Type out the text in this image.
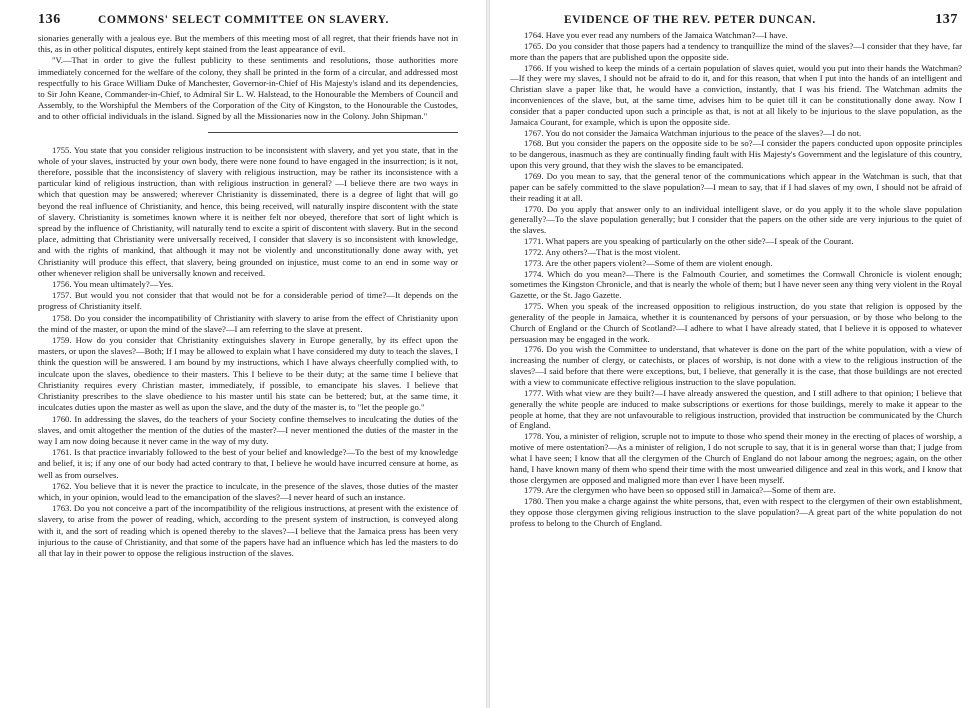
136	COMMONS' SELECT COMMITTEE ON SLAVERY.

sionaries generally with a jealous eye. But the members of this meeting most of all regret, that their friends have not in this, as in other political disputes, entirely kept stained from the least appearance of evil.

"V.—That in order to give the fullest publicity to these sentiments and resolutions, those authorities more immediately concerned for the welfare of the colony, they shall be printed in the form of a circular, and addressed most respectfully to his Grace William Duke of Manchester, Governor-in-Chief of His Majesty's island and its dependencies, to Sir John Keane, Commander-in-Chief, to Admiral Sir L. W. Halstead, to the Honourable the Members of Council and Assembly, to the Worshipful the Members of the Corporation of the City of Kingston, to the Honourable the Custodes, and to other official individuals in the island. Signed by all the Missionaries now in the Colony. John Shipman."

1755. You state that you consider religious instruction to be inconsistent with slavery, and yet you state, that in the whole of your slaves, instructed by your own body, there were none found to have engaged in the insurrection; is it not, therefore, possible that the inconsistency of slavery with religious instruction, may be rather its inconsistence with a particular kind of religious instruction, than with religious instruction in general? —I believe there are two ways in which that question may be answered; wherever Christianity is disseminated, there is a degree of light that will go beyond the real influence of Christianity, and hence, this being received, will naturally inspire discontent with the state of slavery. Christianity is sometimes known where it is neither felt nor obeyed, therefore that sort of light which is spread by the influence of Christianity, will naturally tend to excite a spirit of discontent with slavery. But in the second place, admitting that Christianity were universally received, I consider that slavery is so inconsistent with knowledge, and with the rights of mankind, that although it may not be violently and unconstitutionally done away with, yet Christianity will produce this effect, that slavery, being grounded on injustice, must come to an end in some way or other whenever religion shall be universally known and received.

1756. You mean ultimately?—Yes.

1757. But would you not consider that that would not be for a considerable period of time?—It depends on the progress of Christianity itself.

1758. Do you consider the incompatibility of Christianity with slavery to arise from the effect of Christianity upon the mind of the master, or upon the mind of the slave?—I am referring to the slave at present.

1759. How do you consider that Christianity extinguishes slavery in Europe generally, by its effect upon the masters, or upon the slaves?—Both; If I may be allowed to explain what I have considered my duty to teach the slaves, I think the question will be answered. I am bound by my instructions, which I have always cheerfully complied with, to inculcate upon the slaves, obedience to their masters. This I believe to be their duty; at the same time I believe that Christianity requires every Christian master, immediately, if possible, to emancipate his slaves. I believe that Christianity prescribes to the slave obedience to his master until his state can be bettered; but, at the same time, it inculcates duties upon the master as well as upon the slave, and the duty of the master is, to "let the people go."

1760. In addressing the slaves, do the teachers of your Society confine themselves to inculcating the duties of the slaves, and omit altogether the mention of the duties of the master?—I never mentioned the duties of the master in the way I am now doing because it never came in the way of my duty.

1761. Is that practice invariably followed to the best of your belief and knowledge?—To the best of my knowledge and belief, it is; if any one of our body had acted contrary to that, I believe he would have incurred censure at home, as well as from ourselves.

1762. You believe that it is never the practice to inculcate, in the presence of the slaves, those duties of the master which, in your opinion, would lead to the emancipation of the slaves?—I never heard of such an instance.

1763. Do you not conceive a part of the incompatibility of the religious instructions, at present with the existence of slavery, to arise from the power of reading, which, according to the present system of instruction, is conveyed along with it, and the sort of reading which is opened thereby to the slaves?—I believe that the Jamaica press has been very injurious to the cause of Christianity, and that some of the papers have had an influence which has led the masters to do all that lay in their power to oppose the religious instruction of the slaves.

EVIDENCE OF THE REV. PETER DUNCAN.	137

1764. Have you ever read any numbers of the Jamaica Watchman?—I have.

1765. Do you consider that those papers had a tendency to tranquillize the mind of the slaves?—I consider that they have, far more than the papers that are published upon the opposite side.

1766. If you wished to keep the minds of a certain population of slaves quiet, would you put into their hands the Watchman?—If they were my slaves, I should not be afraid to do it, and for this reason, that when I put into the hands of an intelligent and Christian slave a paper like that, he would have a conviction, instantly, that I was his friend. The Watchman admits the inconveniences of the slave, but, at the same time, advises him to be quiet till it can be constitutionally done away. Now I consider that a paper conducted upon such a principle as that, is not at all likely to be injurious to the slave population, as the Jamaica Courant, for example, which is upon the opposite side.

1767. You do not consider the Jamaica Watchman injurious to the peace of the slaves?—I do not.

1768. But you consider the papers on the opposite side to be so?—I consider the papers conducted upon opposite principles to be dangerous, inasmuch as they are continually finding fault with His Majesty's Government and the legislature of this country, upon this very ground, that they wish the slaves to be emancipated.

1769. Do you mean to say, that the general tenor of the communications which appear in the Watchman is such, that that paper can be safely committed to the slave population?—I mean to say, that if I had slaves of my own, I should not be afraid of their reading it at all.

1770. Do you apply that answer only to an individual intelligent slave, or do you apply it to the whole slave population generally?—To the slave population generally; but I consider that the papers on the other side are very injurious to the quiet of the slaves.

1771. What papers are you speaking of particularly on the other side?—I speak of the Courant.

1772. Any others?—That is the most violent.

1773. Are the other papers violent?—Some of them are violent enough.

1774. Which do you mean?—There is the Falmouth Courier, and sometimes the Cornwall Chronicle is violent enough; sometimes the Kingston Chronicle, and that is nearly the whole of them; but I have never seen any thing very violent in the Royal Gazette, or the St. Jago Gazette.

1775. When you speak of the increased opposition to religious instruction, do you state that religion is opposed by the generality of the people in Jamaica, whether it is countenanced by persons of your persuasion, or by those who belong to the Church of England or the Church of Scotland?—I adhere to what I have already stated, that I believe it is opposed to whatever persuasion may be engaged in the work.

1776. Do you wish the Committee to understand, that whatever is done on the part of the white population, with a view of increasing the number of clergy, or catechists, or places of worship, is not done with a view to the religious instruction of the slaves?—I said before that there were exceptions, but, I believe, that generally it is the case, that those buildings are not erected with a view to communicate effective religious instruction to the slave population.

1777. With what view are they built?—I have already answered the question, and I still adhere to that opinion; I believe that generally the white people are induced to make subscriptions or exertions for those buildings, merely to make it appear to the people at home, that they are not unfavourable to religious instruction, provided that instruction be communicated by the Church of England.

1778. You, a minister of religion, scruple not to impute to those who spend their money in the erecting of places of worship, a motive of mere ostentation?—As a minister of religion, I do not scruple to say, that it is in general worse than that; I judge from what I have seen; I know that all the clergymen of the Church of England do not labour among the negroes; again, on the other hand, I have known many of them who spend their time with the most unwearied diligence and zeal in this work, and I know that those clergymen are opposed and maligned more than ever I have been myself.

1779. Are the clergymen who have been so opposed still in Jamaica?—Some of them are.

1780. Then you make a charge against the white persons, that, even with respect to the clergymen of their own establishment, they oppose those clergymen giving religious instruction to the slave population?—A great part of the white population do not profess to belong to the Church of England.
